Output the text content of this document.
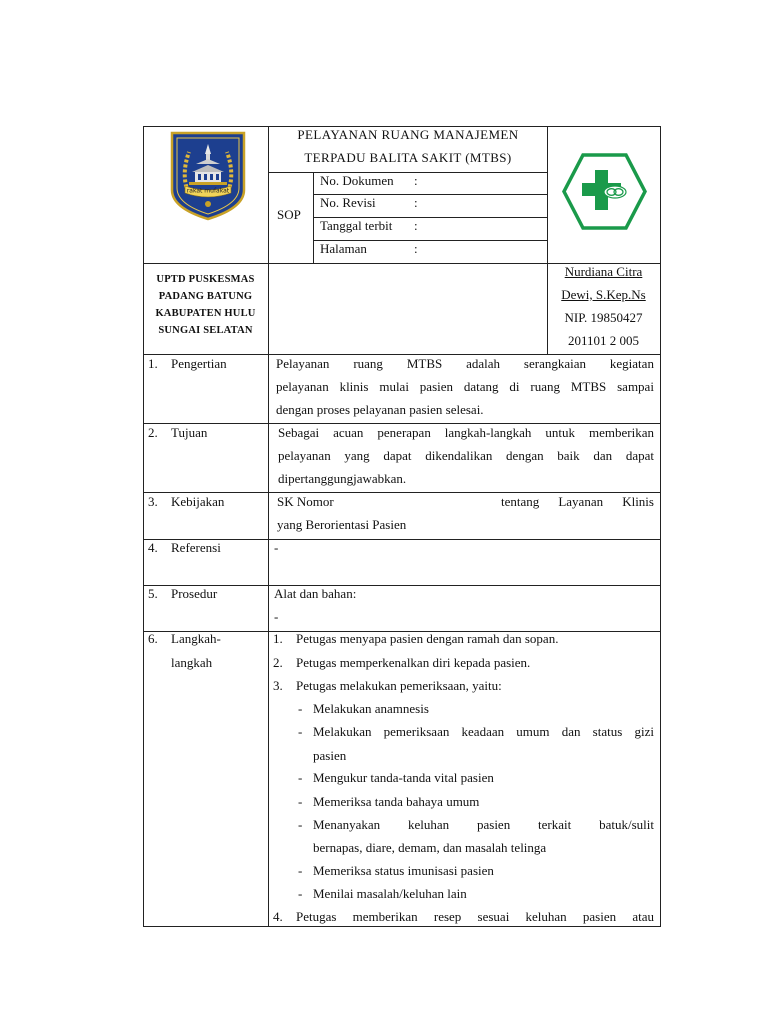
rakat mufakat
PELAYANAN RUANG MANAJEMEN
TERPADU BALITA SAKIT (MTBS)
SOP
No. Dokumen :
No. Revisi	:
Tanggal terbit :
Halaman	:
UPTD PUSKESMAS
PADANG BATUNG
KABUPATEN HULU
SUNGAI SELATAN
Nurdiana Citra
Dewi, S.Kep.Ns
NIP. 19850427
201101 2 005
1. Pengertian	Pelayanan ruang MTBS adalah serangkaian kegiatan
pelayanan klinis mulai pasien datang di ruang MTBS sampai
dengan proses pelayanan pasien selesai.
2. Tujuan	Sebagai acuan penerapan langkah-langkah untuk memberikan
pelayanan yang dapat dikendalikan dengan baik dan dapat
dipertanggungjawabkan.
3. Kebijakan	SK Nomor	tentang Layanan Klinis
yang Berorientasi Pasien
4. Referensi	-
5. Prosedur	Alat dan bahan:
-
6. Langkah-
langkah
1. Petugas menyapa pasien dengan ramah dan sopan.
2. Petugas memperkenalkan diri kepada pasien.
3. Petugas melakukan pemeriksaan, yaitu:
- Melakukan anamnesis
- Melakukan pemeriksaan keadaan umum dan status gizi
pasien
- Mengukur tanda-tanda vital pasien
- Memeriksa tanda bahaya umum
- Menanyakan keluhan pasien terkait batuk/sulit
bernapas, diare, demam, dan masalah telinga
- Memeriksa status imunisasi pasien
- Menilai masalah/keluhan lain
4. Petugas memberikan resep sesuai keluhan pasien atau
